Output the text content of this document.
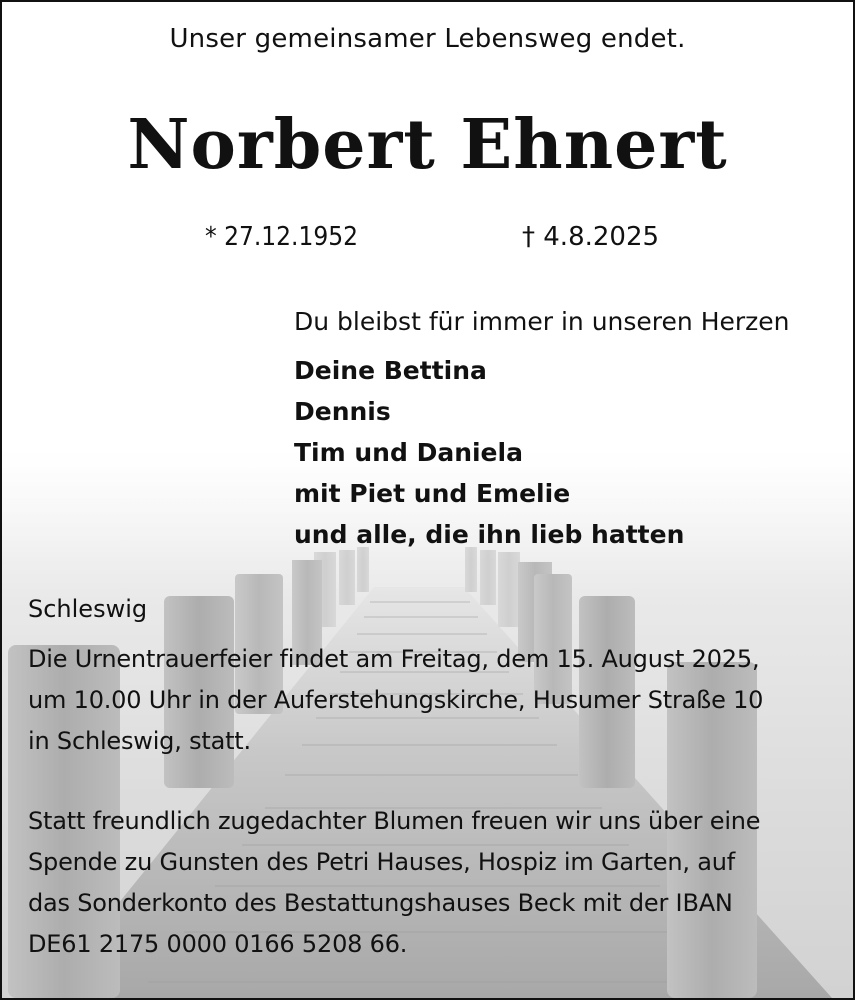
Unser gemeinsamer Lebensweg endet.
Norbert Ehnert
* 27.12.1952	† 4.8.2025
Du bleibst für immer in unseren Herzen
Deine Bettina
Dennis
Tim und Daniela
mit Piet und Emelie
und alle, die ihn lieb hatten
Schleswig
Die Urnentrauerfeier findet am Freitag, dem 15. August 2025,
um 10.00 Uhr in der Auferstehungskirche, Husumer Straße 10
in Schleswig, statt.
Statt freundlich zugedachter Blumen freuen wir uns über eine
Spende zu Gunsten des Petri Hauses, Hospiz im Garten, auf
das Sonderkonto des Bestattungshauses Beck mit der IBAN
DE61 2175 0000 0166 5208 66.
